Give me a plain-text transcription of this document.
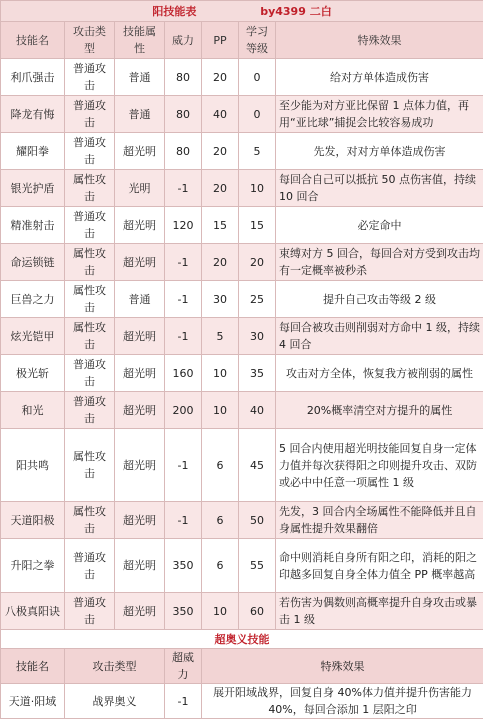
阳技能表 by4399 二白						
技能名	攻击类型	技能属性	威力	PP	学习等级	特殊效果
利爪强击	普通攻击	普通	80	20	0	给对方单体造成伤害
降龙有悔	普通攻击	普通	80	40	0	至少能为对方亚比保留 1 点体力值，再用“亚比球”捕捉会比较容易成功
耀阳拳	普通攻击	超光明	80	20	5	先发，对对方单体造成伤害
银光护盾	属性攻击	光明	-1	20	10	每回合自己可以抵抗 50 点伤害值，持续 10 回合
精准射击	普通攻击	超光明	120	15	15	必定命中
命运锁链	属性攻击	超光明	-1	20	20	束缚对方 5 回合，每回合对方受到攻击均有一定概率被秒杀
巨兽之力	属性攻击	普通	-1	30	25	提升自己攻击等级 2 级
炫光铠甲	属性攻击	超光明	-1	5	30	每回合被攻击则削弱对方命中 1 级，持续 4 回合
极光斩	普通攻击	超光明	160	10	35	攻击对方全体，恢复我方被削弱的属性
和光	普通攻击	超光明	200	10	40	20%概率清空对方提升的属性
阳共鸣	属性攻击	超光明	-1	6	45	5 回合内使用超光明技能回复自身一定体力值并每次获得阳之印则提升攻击、双防或必中中任意一项属性 1 级
天道阳极	属性攻击	超光明	-1	6	50	先发，3 回合内全场属性不能降低并且自身属性提升效果翻倍
升阳之拳	普通攻击	超光明	350	6	55	命中则消耗自身所有阳之印，消耗的阳之印越多回复自身全体力值全 PP 概率越高
八极真阳诀	普通攻击	超光明	350	10	60	若伤害为偶数则高概率提升自身攻击或暴击 1 级
超奥义技能						
技能名	攻击类型		超威力	特殊效果		
天道·阳域	战界奥义		-1	展开阳域战界，回复自身 40%体力值并提升伤害能力 40%，每回合添加 1 层阳之印		
